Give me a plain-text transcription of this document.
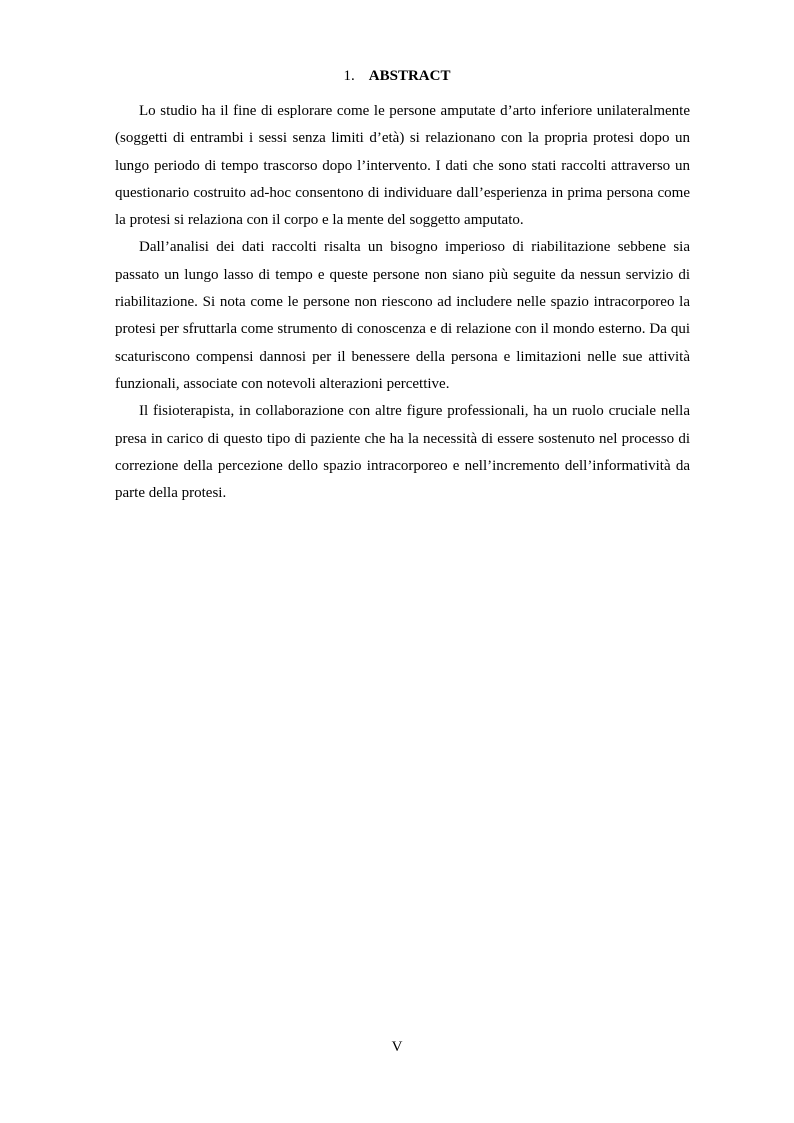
1. ABSTRACT

Lo studio ha il fine di esplorare come le persone amputate d’arto inferiore unilateralmente (soggetti di entrambi i sessi senza limiti d’età) si relazionano con la propria protesi dopo un lungo periodo di tempo trascorso dopo l’intervento. I dati che sono stati raccolti attraverso un questionario costruito ad-hoc consentono di individuare dall’esperienza in prima persona come la protesi si relaziona con il corpo e la mente del soggetto amputato.

Dall’analisi dei dati raccolti risalta un bisogno imperioso di riabilitazione sebbene sia passato un lungo lasso di tempo e queste persone non siano più seguite da nessun servizio di riabilitazione. Si nota come le persone non riescono ad includere nelle spazio intracorporeo la protesi per sfruttarla come strumento di conoscenza e di relazione con il mondo esterno. Da qui scaturiscono compensi dannosi per il benessere della persona e limitazioni nelle sue attività funzionali, associate con notevoli alterazioni percettive.

Il fisioterapista, in collaborazione con altre figure professionali, ha un ruolo cruciale nella presa in carico di questo tipo di paziente che ha la necessità di essere sostenuto nel processo di correzione della percezione dello spazio intracorporeo e nell’incremento dell’informatività da parte della protesi.

V
